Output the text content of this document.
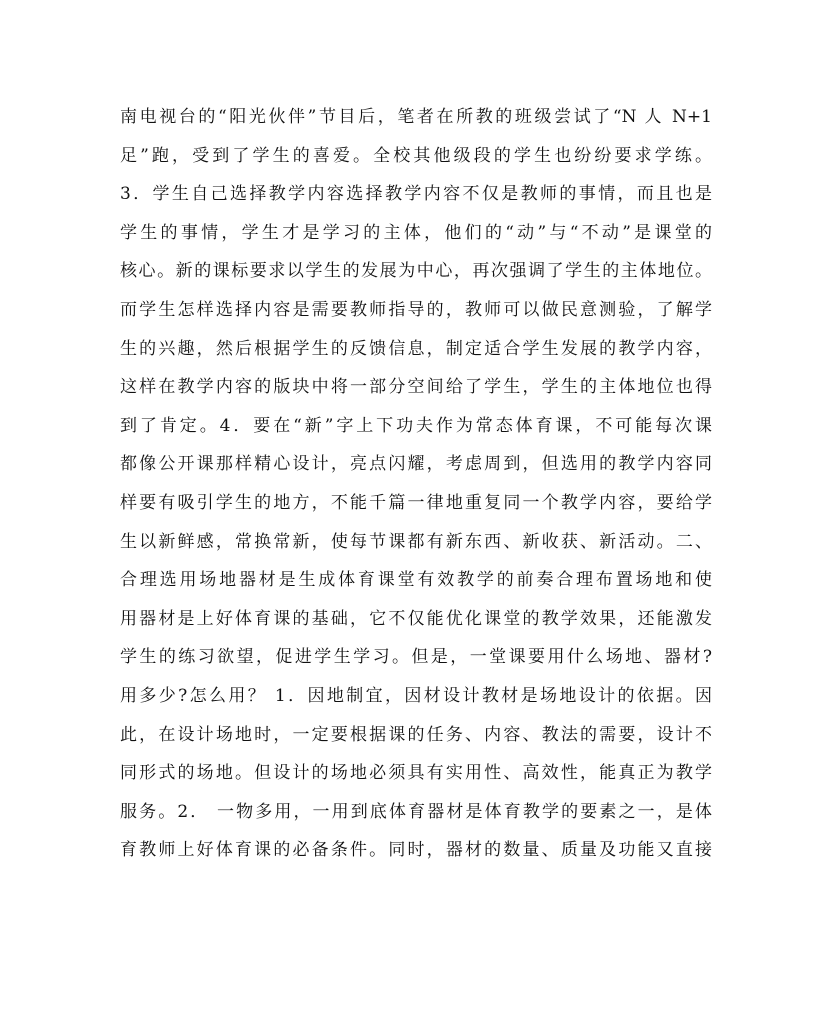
南电视台的“阳光伙伴”节目后，笔者在所教的班级尝试了“N 人 N+1
足”跑，受到了学生的喜爱。全校其他级段的学生也纷纷要求学练。
3．学生自己选择教学内容选择教学内容不仅是教师的事情，而且也是
学生的事情，学生才是学习的主体，他们的“动”与“不动”是课堂的
核心。新的课标要求以学生的发展为中心，再次强调了学生的主体地位。
而学生怎样选择内容是需要教师指导的，教师可以做民意测验，了解学
生的兴趣，然后根据学生的反馈信息，制定适合学生发展的教学内容，
这样在教学内容的版块中将一部分空间给了学生，学生的主体地位也得
到了肯定。4．要在“新”字上下功夫作为常态体育课，不可能每次课
都像公开课那样精心设计，亮点闪耀，考虑周到，但选用的教学内容同
样要有吸引学生的地方，不能千篇一律地重复同一个教学内容，要给学
生以新鲜感，常换常新，使每节课都有新东西、新收获、新活动。二、
合理选用场地器材是生成体育课堂有效教学的前奏合理布置场地和使
用器材是上好体育课的基础，它不仅能优化课堂的教学效果，还能激发
学生的练习欲望，促进学生学习。但是，一堂课要用什么场地、器材?
用多少?怎么用？ 1．因地制宜，因材设计教材是场地设计的依据。因
此，在设计场地时，一定要根据课的任务、内容、教法的需要，设计不
同形式的场地。但设计的场地必须具有实用性、高效性，能真正为教学
服务。2． 一物多用，一用到底体育器材是体育教学的要素之一，是体
育教师上好体育课的必备条件。同时，器材的数量、质量及功能又直接
